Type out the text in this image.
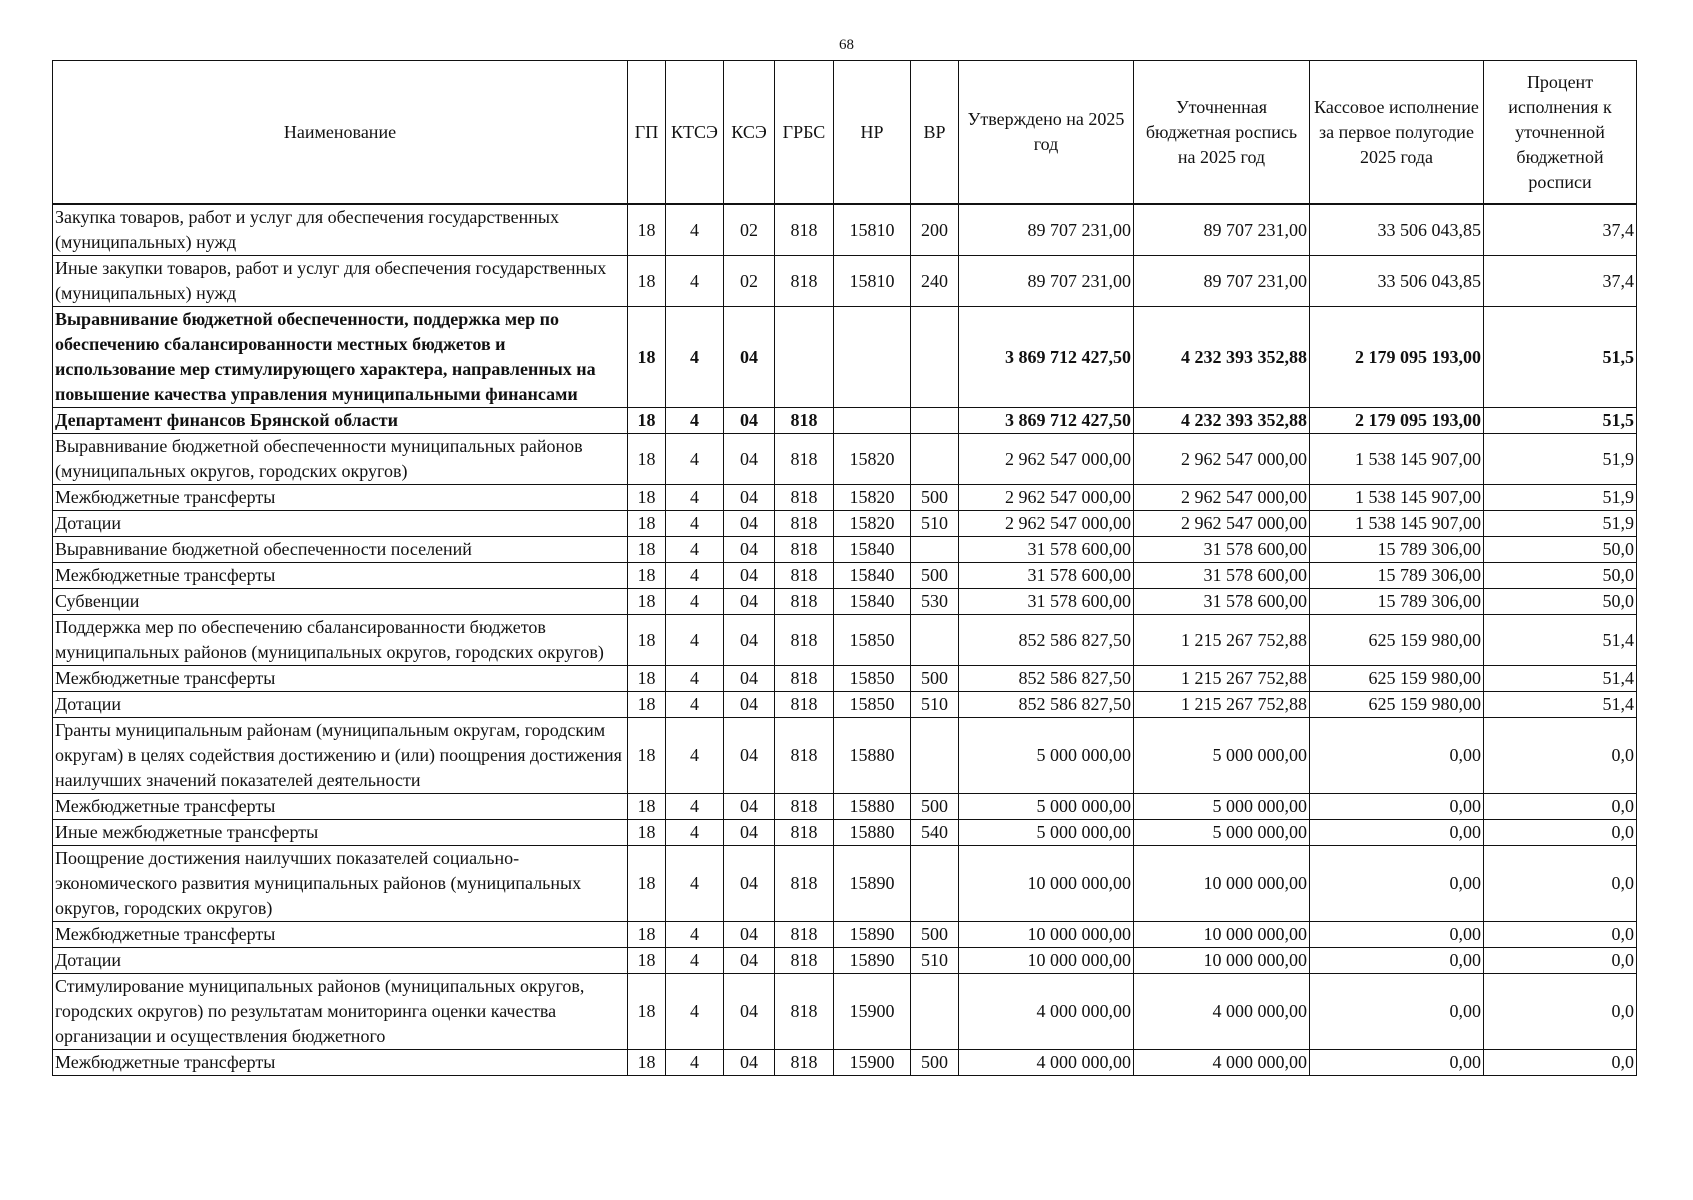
68
Наименование	ГП	КТСЭ	КСЭ	ГРБС	НР	ВР	Утверждено на 2025 год	Уточненная бюджетная роспись на 2025 год	Кассовое исполнение за первое полугодие 2025 года	Процент исполнения к уточненной бюджетной росписи
Закупка товаров, работ и услуг для обеспечения государственных (муниципальных) нужд	18	4	02	818	15810	200	89 707 231,00	89 707 231,00	33 506 043,85	37,4
Иные закупки товаров, работ и услуг для обеспечения государственных (муниципальных) нужд	18	4	02	818	15810	240	89 707 231,00	89 707 231,00	33 506 043,85	37,4
Выравнивание бюджетной обеспеченности, поддержка мер по обеспечению сбалансированности местных бюджетов и использование мер стимулирующего характера, направленных на повышение качества управления муниципальными финансами	18	4	04				3 869 712 427,50	4 232 393 352,88	2 179 095 193,00	51,5
Департамент финансов Брянской области	18	4	04	818			3 869 712 427,50	4 232 393 352,88	2 179 095 193,00	51,5
Выравнивание бюджетной обеспеченности муниципальных районов (муниципальных округов, городских округов)	18	4	04	818	15820		2 962 547 000,00	2 962 547 000,00	1 538 145 907,00	51,9
Межбюджетные трансферты	18	4	04	818	15820	500	2 962 547 000,00	2 962 547 000,00	1 538 145 907,00	51,9
Дотации	18	4	04	818	15820	510	2 962 547 000,00	2 962 547 000,00	1 538 145 907,00	51,9
Выравнивание бюджетной обеспеченности поселений	18	4	04	818	15840		31 578 600,00	31 578 600,00	15 789 306,00	50,0
Межбюджетные трансферты	18	4	04	818	15840	500	31 578 600,00	31 578 600,00	15 789 306,00	50,0
Субвенции	18	4	04	818	15840	530	31 578 600,00	31 578 600,00	15 789 306,00	50,0
Поддержка мер по обеспечению сбалансированности бюджетов муниципальных районов (муниципальных округов, городских округов)	18	4	04	818	15850		852 586 827,50	1 215 267 752,88	625 159 980,00	51,4
Межбюджетные трансферты	18	4	04	818	15850	500	852 586 827,50	1 215 267 752,88	625 159 980,00	51,4
Дотации	18	4	04	818	15850	510	852 586 827,50	1 215 267 752,88	625 159 980,00	51,4
Гранты муниципальным районам (муниципальным округам, городским округам) в целях содействия достижению и (или) поощрения достижения наилучших значений показателей деятельности	18	4	04	818	15880		5 000 000,00	5 000 000,00	0,00	0,0
Межбюджетные трансферты	18	4	04	818	15880	500	5 000 000,00	5 000 000,00	0,00	0,0
Иные межбюджетные трансферты	18	4	04	818	15880	540	5 000 000,00	5 000 000,00	0,00	0,0
Поощрение достижения наилучших показателей социально-экономического развития муниципальных районов (муниципальных округов, городских округов)	18	4	04	818	15890		10 000 000,00	10 000 000,00	0,00	0,0
Межбюджетные трансферты	18	4	04	818	15890	500	10 000 000,00	10 000 000,00	0,00	0,0
Дотации	18	4	04	818	15890	510	10 000 000,00	10 000 000,00	0,00	0,0
Стимулирование муниципальных районов (муниципальных округов, городских округов) по результатам мониторинга оценки качества организации и осуществления бюджетного	18	4	04	818	15900		4 000 000,00	4 000 000,00	0,00	0,0
Межбюджетные трансферты	18	4	04	818	15900	500	4 000 000,00	4 000 000,00	0,00	0,0
